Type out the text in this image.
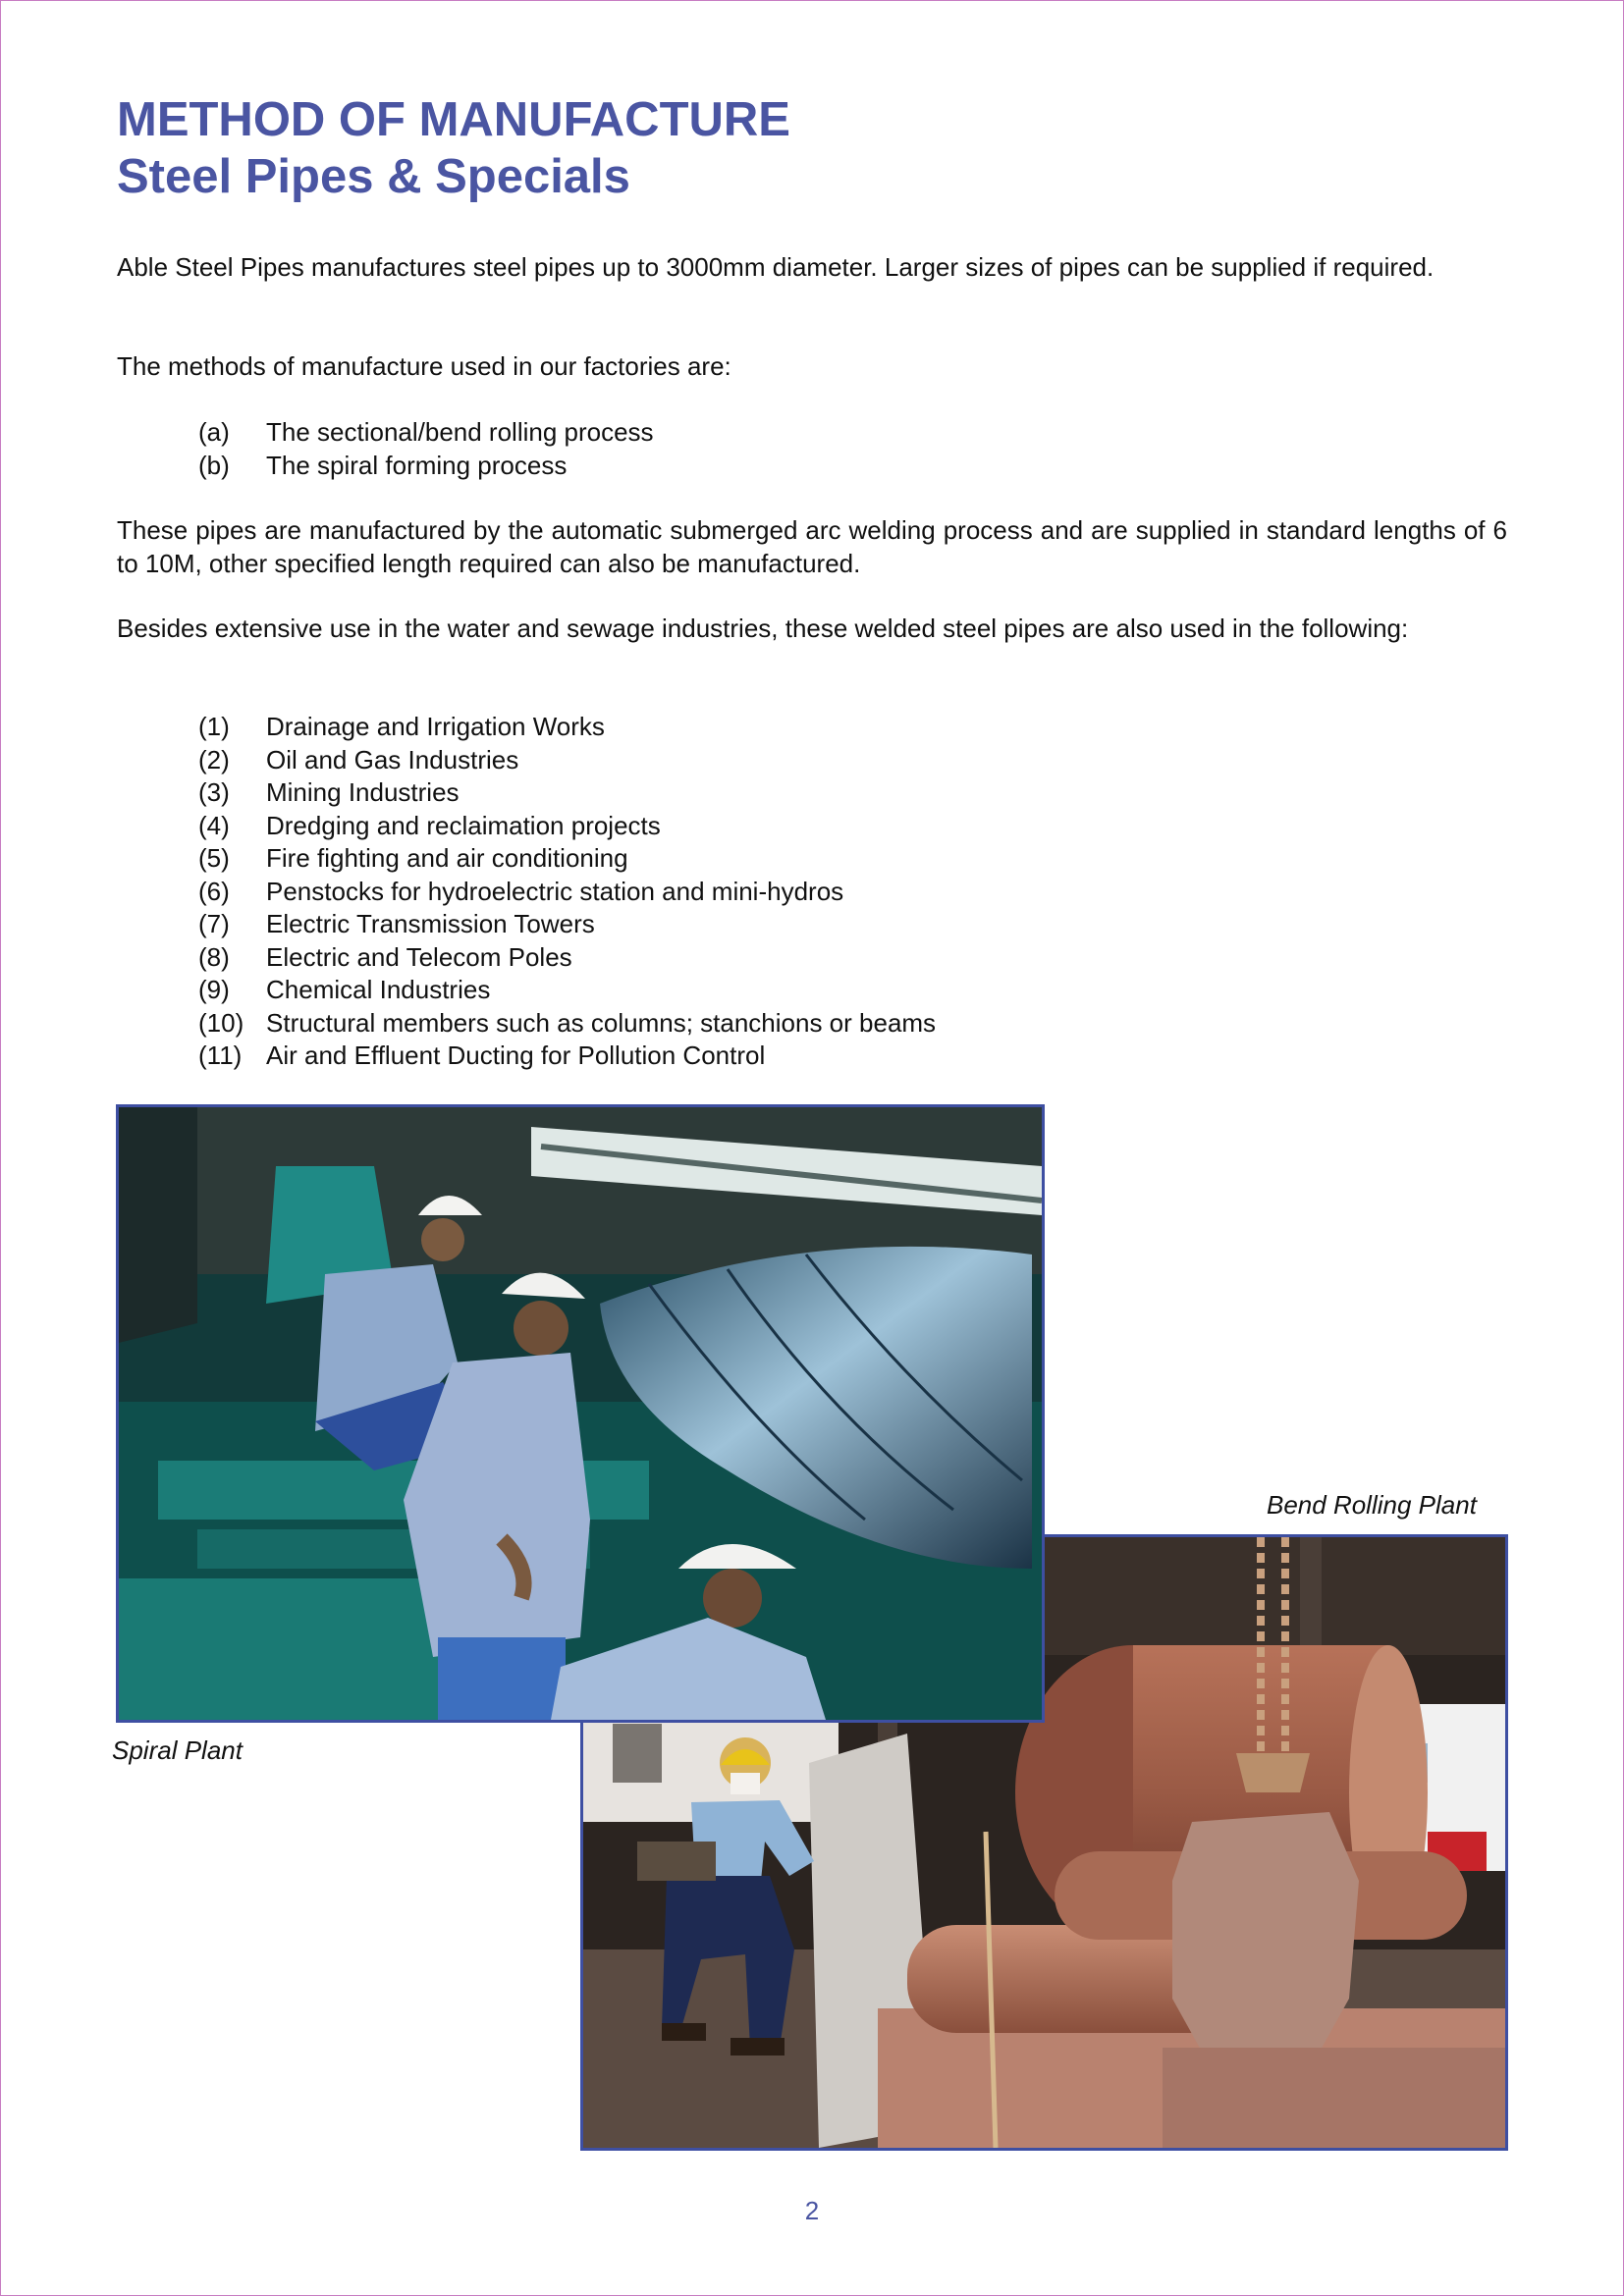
METHOD OF MANUFACTURE
Steel Pipes & Specials

Able Steel Pipes manufactures steel pipes up to 3000mm diameter. Larger sizes of pipes can be supplied if required.

The methods of manufacture used in our factories are:

(a)	The sectional/bend rolling process
(b)	The spiral forming process

These pipes are manufactured by the automatic submerged arc welding process and are supplied in standard lengths of 6 to 10M, other specified length required can also be manufactured.

Besides extensive use in the water and sewage industries, these welded steel pipes are also used in the following:

(1)	Drainage and Irrigation Works
(2)	Oil and Gas Industries
(3)	Mining Industries
(4)	Dredging and reclaimation projects
(5)	Fire fighting and air conditioning
(6)	Penstocks for hydroelectric station and mini-hydros
(7)	Electric Transmission Towers
(8)	Electric and Telecom Poles
(9)	Chemical Industries
(10) Structural members such as columns; stanchions or beams
(11) Air and Effluent Ducting for Pollution Control

Bend Rolling Plant

Spiral Plant

2
